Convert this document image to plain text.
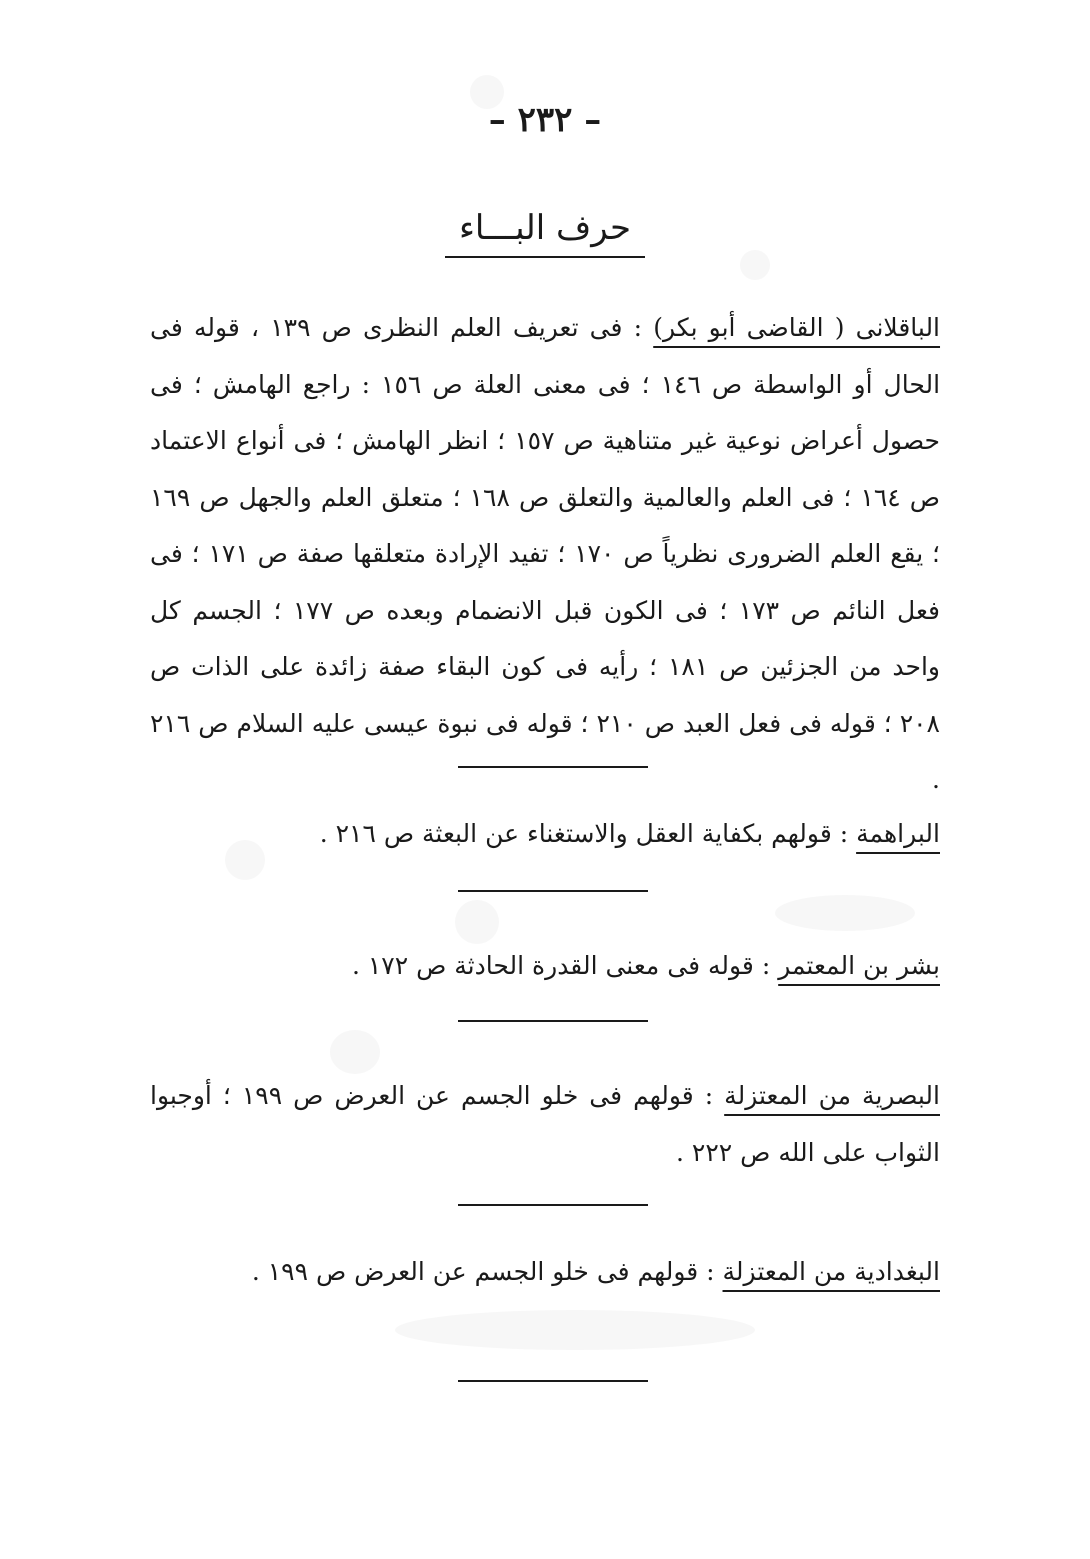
– ٢٣٢ –
حرف البـــاء
الباقلانى ( القاضى أبو بكر) : فى تعريف العلم النظرى ص ١٣٩ ، قوله فى الحال أو الواسطة ص ١٤٦ ؛ فى معنى العلة ص ١٥٦ : راجع الهامش ؛ فى حصول أعراض نوعية غير متناهية ص ١٥٧ ؛ انظر الهامش ؛ فى أنواع الاعتماد ص ١٦٤ ؛ فى العلم والعالمية والتعلق ص ١٦٨ ؛ متعلق العلم والجهل ص ١٦٩ ؛ يقع العلم الضرورى نظرياً ص ١٧٠ ؛ تفيد الإرادة متعلقها صفة ص ١٧١ ؛ فى فعل النائم ص ١٧٣ ؛ فى الكون قبل الانضمام وبعده ص ١٧٧ ؛ الجسم كل واحد من الجزئين ص ١٨١ ؛ رأيه فى كون البقاء صفة زائدة على الذات ص ٢٠٨ ؛ قوله فى فعل العبد ص ٢١٠ ؛ قوله فى نبوة عيسى عليه السلام ص ٢١٦ .
البراهمة : قولهم بكفاية العقل والاستغناء عن البعثة ص ٢١٦ .
بشر بن المعتمر : قوله فى معنى القدرة الحادثة ص ١٧٢ .
البصرية من المعتزلة : قولهم فى خلو الجسم عن العرض ص ١٩٩ ؛ أوجبوا الثواب على الله ص ٢٢٢ .
البغدادية من المعتزلة : قولهم فى خلو الجسم عن العرض ص ١٩٩ .
